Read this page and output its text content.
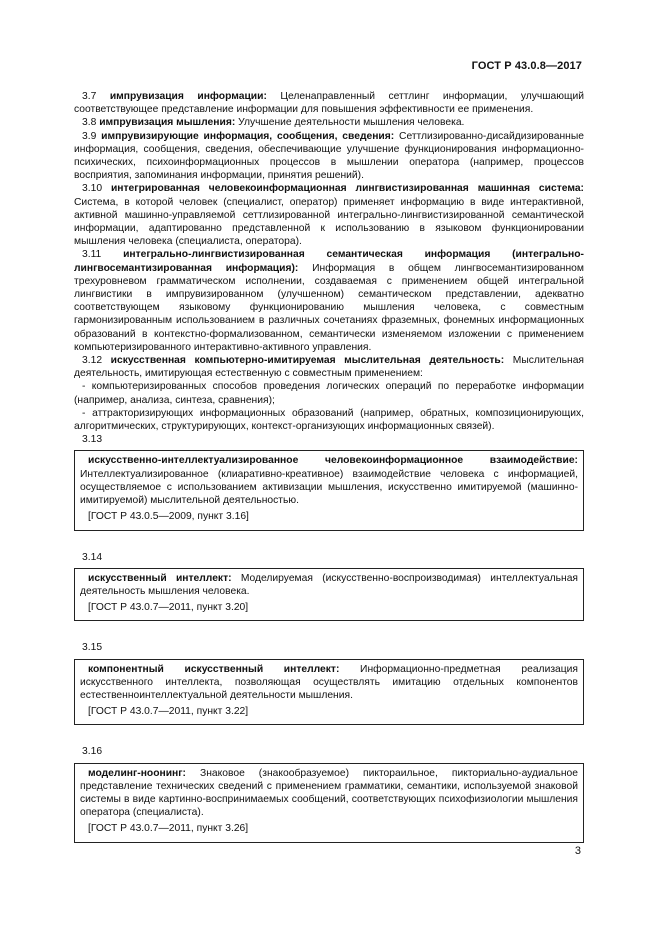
ГОСТ Р 43.0.8—2017

3.7 импрувизация информации: Целенаправленный сеттлинг информации, улучшающий соответствующее представление информации для повышения эффективности ее применения.

3.8 импрувизация мышления: Улучшение деятельности мышления человека.

3.9 импрувизирующие информация, сообщения, сведения: Сеттлизированно-дисайдизированные информация, сообщения, сведения, обеспечивающие улучшение функционирования информационно-психических, психоинформационных процессов в мышлении оператора (например, процессов восприятия, запоминания информации, принятия решений).

3.10 интегрированная человекоинформационная лингвистизированная машинная система: Система, в которой человек (специалист, оператор) применяет информацию в виде интерактивной, активной машинно-управляемой сеттлизированной интегрально-лингвистизированной семантической информации, адаптированно представленной к использованию в языковом функционировании мышления человека (специалиста, оператора).

3.11 интегрально-лингвистизированная семантическая информация (интегрально-лингвосемантизированная информация): Информация в общем лингвосемантизированном трехуровневом грамматическом исполнении, создаваемая с применением общей интегральной лингвистики в импрувизированном (улучшенном) семантическом представлении, адекватно соответствующем языковому функционированию мышления человека, с совместным гармонизированным использованием в различных сочетаниях фраземных, фонемных информационных образований в контекстно-формализованном, семантически изменяемом изложении с применением компьютеризированного интерактивно-активного управления.

3.12 искусственная компьютерно-имитируемая мыслительная деятельность: Мыслительная деятельность, имитирующая естественную с совместным применением:

- компьютеризированных способов проведения логических операций по переработке информации (например, анализа, синтеза, сравнения);

- аттракторизирующих информационных образований (например, обратных, композиционирующих, алгоритмических, структурирующих, контекст-организующих информационных связей).

3.13

искусственно-интеллектуализированное человекоинформационное взаимодействие: Интеллектуализированное (клиаративно-креативное) взаимодействие человека с информацией, осуществляемое с использованием активизации мышления, искусственно имитируемой (машинно-имитируемой) мыслительной деятельностью.

[ГОСТ Р 43.0.5—2009, пункт 3.16]

3.14

искусственный интеллект: Моделируемая (искусственно-воспроизводимая) интеллектуальная деятельность мышления человека.

[ГОСТ Р 43.0.7—2011, пункт 3.20]

3.15

компонентный искусственный интеллект: Информационно-предметная реализация искусственного интеллекта, позволяющая осуществлять имитацию отдельных компонентов естественноинтеллектуальной деятельности мышления.

[ГОСТ Р 43.0.7—2011, пункт 3.22]

3.16

моделинг-ноонинг: Знаковое (знакообразуемое) пиктораильное, пикториально-аудиальное представление технических сведений с применением грамматики, семантики, используемой знаковой системы в виде картинно-воспринимаемых сообщений, соответствующих психофизиологии мышления оператора (специалиста).

[ГОСТ Р 43.0.7—2011, пункт 3.26]

3
